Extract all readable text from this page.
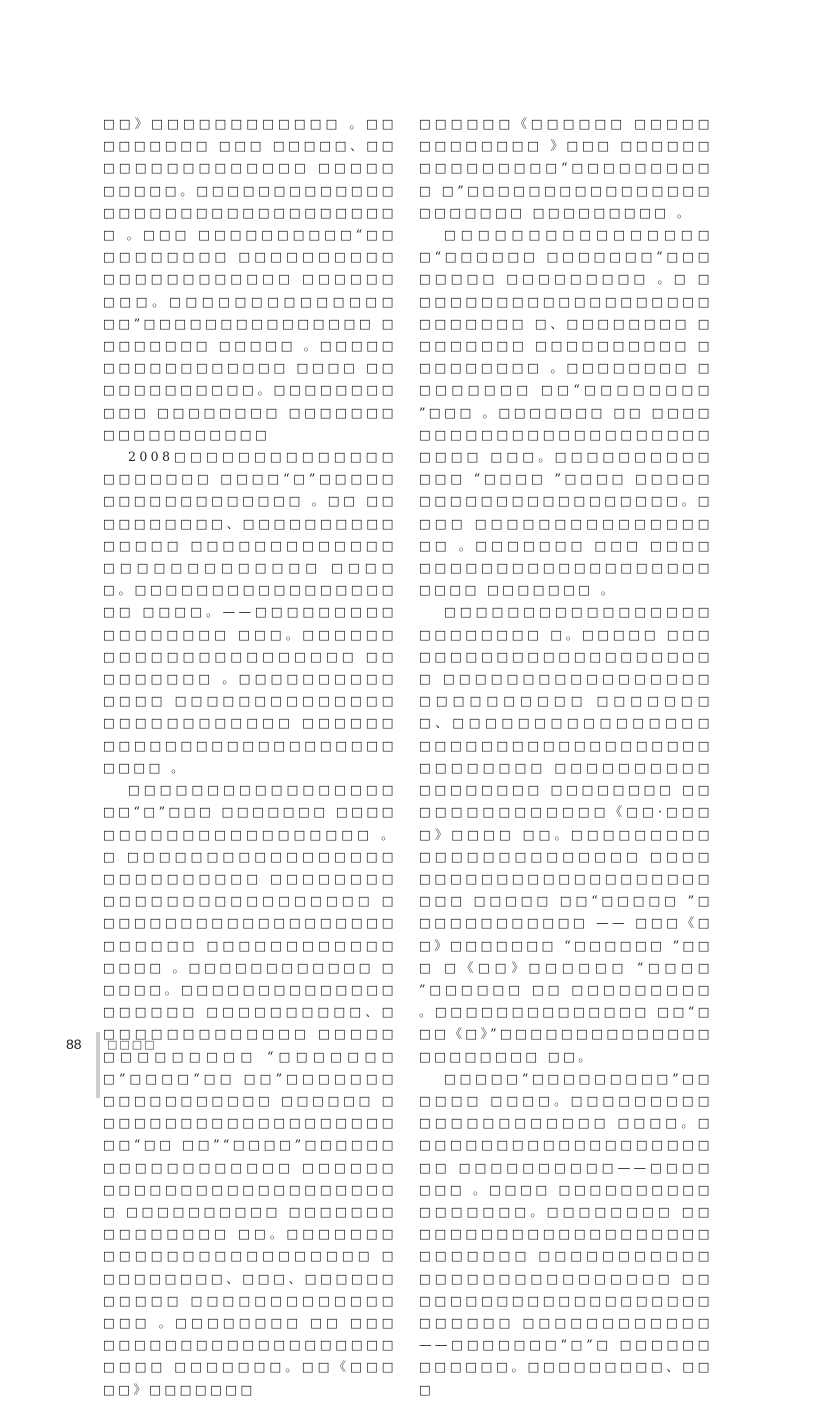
□□》□□□□□□□□□□□□ 。□□□□□□□□□ □□□ □□□□□、□□□□□□□□□□□□□□□ □□□□□□□□□□。□□□□□□□□□□□□□ □□□□□□□□□□□□□□□□□□□□ 。□□□ □□□□□□□□□□“□□□□□□□□□□ □□□□□□□□□□□□□□□□□□□□□□ □□□□□□□□□。□□□□□□□□□□□□□□ □□”□□□□□□□□□□□□□□□ □□□□□□□□ □□□□□ 。□□□□□□□□□□□□□□□□□ □□□□ □□□□□□□□□□□□。□□□□□□□□□□□ □□□□□□□□ □□□□□□□ □□□□□□□□□□□

2008□□□□□□□□□□□□□□□□□□□□□ □□□□“□”□□□□□□□□□□□□□□□□□□ 。□□ □□□□□□□□□□、□□□□□□□□□□□□□□□ □□□□□□□□□□□□□□□□□□□□□□□□□□ □□□□□。□□□□□□□□□□□□□□□□□□□ □□□□。——□□□□□□□□□□□□□□□□□ □□□。□□□□□□□□□□□□□□□□□□□□□□ □□□□□□□□□ 。□□□□□□□□□□□□□□ □□□□□□□□□□□□□□□□□□□□□□□□□□ □□□□□□□□□□□□□□□□□□□□□□□□□ □□□□ 。

□□□□□□□□□□□□□□□□□□□“□”□□□ □□□□□□□ □□□□□□□□□□□□□□□□□□□□□ 。□ □□□□□□□□□□□□□□□□□□□□□□□□□□□ □□□□□□□□□□□□□□□□□□□□□□□□□ □□□□□□□□□□□□□□□□□□□□□□□□□□ □□□□□□□□□□□□□□□□ 。□□□□□□□□□□□□ □□□□□。□□□□□□□□□□□□□□□□□□□□ □□□□□□□□□□、□□□□□□□□□□□□□□ □□□□□□□□□□□□□□ “□□□□□□□□”□□□□“□□ □□”□□□□□□□□□□□□□□□□□□ □□□□□□ □□□□□□□□□□□□□□□□□□□□□□“□□ □□”“□□□□”□□□□□□□□□□□□□□□□□□ □□□□□□□□□□□□□□□□□□□□□□□□□□ □□□□□□□□□□ □□□□□□□□□□□□□□□ □□。□□□□□□□□□□□□□□□□□□□□□□□□ □□□□□□□□□、□□□、□□□□□□□□□□□ □□□□□□□□□□□□□□□□ 。□□□□□□□□ □□ □□□□□□□□□□□□□□□□□□□□□□□□□□ □□□□□□□。□□《□□□□□》□□□□□□□

□□□□□□《□□□□□□ □□□□□□□□□□□□□ 》□□□ □□□□□□□□□□□□□□□“□□□□□□□□□□ □”□□□□□□□□□□□□□□□□□□□□□□□ □□□□□□□□□ 。

□□□□□□□□□□□□□□□□□“□□□□□□ □□□□□□□”□□□□□□□□ □□□□□□□□□ 。□ □□□□□□□□□□□□□□□□□□□□□□□□□□□ □、□□□□□□□□ □□□□□□□□ □□□□□□□□□□ □□□□□□□□□ 。□□□□□□□□ □□□□□□□□ □□“□□□□□□□□ ”□□□ 。□□□□□□□ □□ □□□□□□□□□□□□□□□□□□□□□□□□□□□ □□□。□□□□□□□□□□□□□ “□□□□ ”□□□□ □□□□□□□□□□□□□□□□□□□□□□。□□□□ □□□□□□□□□□□□□□□□□ 。□□□□□□□ □□□ □□□□□□□□□□□□□□□□□□□□□□□□□□□ □□□□□□□ 。

□□□□□□□□□□□□□□□□□□□□□□□□□ □。□□□□□ □□□□□□□□□□□□□□□□□□□□□□□ □□□□□□□□□□□□□□□□□□□□□□□□□□□ □□□□□□□□、□□□□□□□□□□□□□□□□ □□□□□□□□□□□□□□□□□□□□□□□□□□□ □□□□□□□□□□□□□□□□□□ □□□□□□□□ □□□□□□□□□□□□□□《□□·□□□□》□□□□ □□。□□□□□□□□□□□□□□□□□□□□□□□ □□□□□□□□□□□□□□□□□□□□□□□□□□ □□□□□ □□“□□□□□ ”□□□□□□□□□□□□ —— □□□《□□》□□□□□□□ “□□□□□□ ”□□□ □《□□》□□□□□□ “□□□□ ”□□□□□□ □□ □□□□□□□□□ 。□□□□□□□□□□□□□□ □□“□ □□《□》”□□□□□□□□□□□□□□□□□□□□□□ □□。

□□□□□“□□□□□□□□□”□□□□□□ □□□□。□□□□□□□□□□□□□□□□□□□□□ □□□□。□□□□□□□□□□□□□□□□□□□□□□ □□□□□□□□□□——□□□□□□□ 。□□□□ □□□□□□□□□□□□□□□□□。□□□□□□□□ □□□□□□□□□□□□□□□□□□□□□□□□□□□□ □□□□□□□□□□□□□□□□□□□□□□□□□□□ □□□□□□□□□□□□□□□□□□□□□□□□□□□ □□□□□□□□□□□□——□□□□□□□“□”□ □□□□□□□□□□□□。□□□□□□□□□、□□□

88 □□□□
